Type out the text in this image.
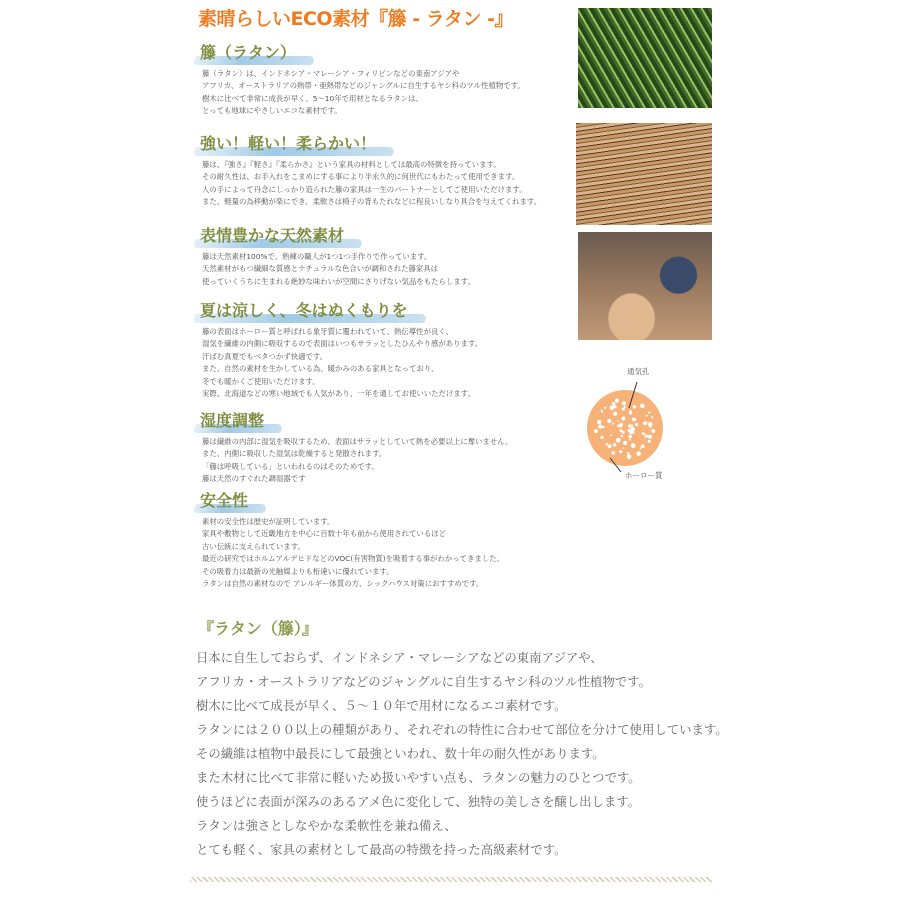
素晴らしいECO素材『籐 - ラタン -』
籐（ラタン）
籐（ラタン）は、インドネシア・マレーシア・フィリピンなどの東南アジアや
アフリカ、オーストラリアの熱帯・亜熱帯などのジャングルに自生するヤシ科のツル性植物です。
樹木に比べて非常に成長が早く、5～10年で用材となるラタンは、
とっても地球にやさしいエコな素材です。
強い！軽い！柔らかい！
籐は、『強さ』『軽さ』『柔らかさ』という家具の材料としては最高の特徴を持っています。
その耐久性は、お手入れをこまめにする事により半永久的に何世代にもわたって使用できます。
人の手によって丹念にしっかり造られた籐の家具は一生のパートナーとしてご使用いただけます。
また、軽量の為移動が楽にでき、柔軟さは椅子の背もたれなどに程良いしなり具合を与えてくれます。
表情豊かな天然素材
籐は天然素材100%で、熟練の職人が1つ1つ手作りで作っています。
天然素材がもつ繊細な質感とナチュラルな色合いが調和された籐家具は
使っていくうちに生まれる絶妙な味わいが空間にさりげない気品をもたらします。
夏は涼しく、冬はぬくもりを
籐の表面はホーロー質と呼ばれる象牙質に覆われていて、熱伝導性が良く、
湿気を繊維の内側に吸収するので表面はいつもサラッとしたひんやり感があります。
汗ばむ真夏でもベタつかず快適です。
また、自然の素材を生かしている為、暖かみのある家具となっており、
冬でも暖かくご使用いただけます。
実際、北海道などの寒い地域でも人気があり、一年を通してお使いいただけます。
湿度調整
籐は繊維の内部に湿気を吸収するため、表面はサラッとしていて熱を必要以上に奪いません。
また、内側に吸収した湿気は乾燥すると発散されます。
「籐は呼吸している」といわれるのはそのためです。
籐は天然のすぐれた調湿器です
安全性
素材の安全性は歴史が証明しています。
家具や敷物として近畿地方を中心に百数十年も前から使用されているほど
古い伝統に支えられています。
最近の研究ではホルムアルデヒドなどのVOC(有害物質)を吸着する事がわかってきました。
その吸着力は最新の光触媒よりも桁違いに優れています。
ラタンは自然の素材なので アレルギー体質の方、シックハウス対策におすすめです。
通気孔
ホーロー質
『ラタン（籐）』
日本に自生しておらず、インドネシア・マレーシアなどの東南アジアや、
アフリカ・オーストラリアなどのジャングルに自生するヤシ科のツル性植物です。
樹木に比べて成長が早く、５～１０年で用材になるエコ素材です。
ラタンには２００以上の種類があり、それぞれの特性に合わせて部位を分けて使用しています。
その繊維は植物中最長にして最強といわれ、数十年の耐久性があります。
また木材に比べて非常に軽いため扱いやすい点も、ラタンの魅力のひとつです。
使うほどに表面が深みのあるアメ色に変化して、独特の美しさを醸し出します。
ラタンは強さとしなやかな柔軟性を兼ね備え、
とても軽く、家具の素材として最高の特徴を持った高級素材です。
